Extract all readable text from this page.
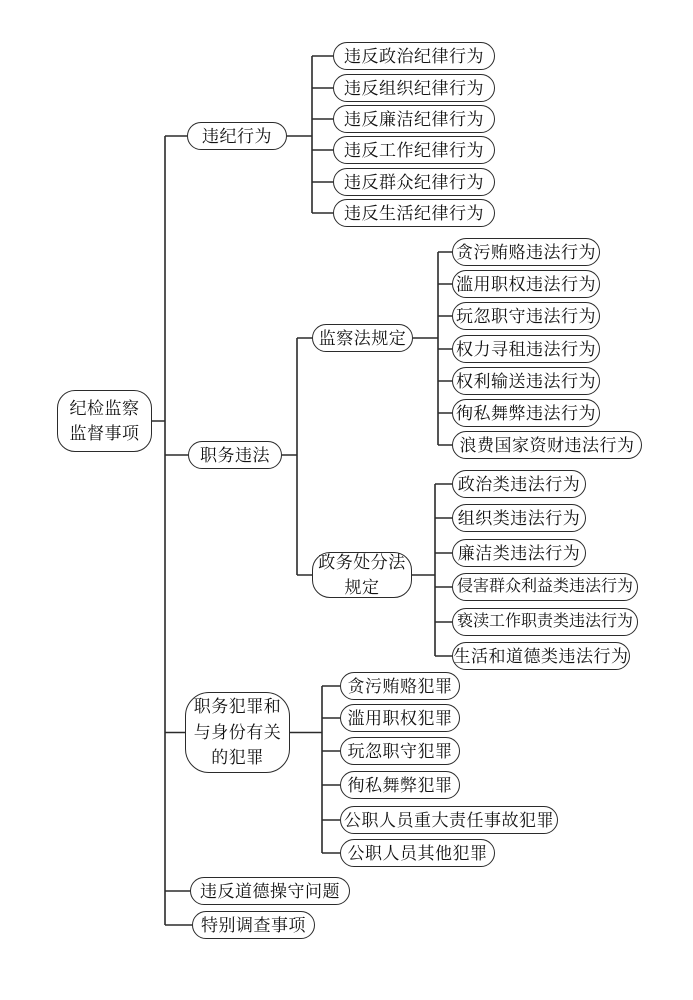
纪检监察
监督事项
违纪行为
违反政治纪律行为
违反组织纪律行为
违反廉洁纪律行为
违反工作纪律行为
违反群众纪律行为
违反生活纪律行为
职务违法
监察法规定
贪污贿赂违法行为
滥用职权违法行为
玩忽职守违法行为
权力寻租违法行为
权利输送违法行为
徇私舞弊违法行为
浪费国家资财违法行为
政务处分法
规定
政治类违法行为
组织类违法行为
廉洁类违法行为
侵害群众利益类违法行为
亵渎工作职责类违法行为
生活和道德类违法行为
职务犯罪和
与身份有关
的犯罪
贪污贿赂犯罪
滥用职权犯罪
玩忽职守犯罪
徇私舞弊犯罪
公职人员重大责任事故犯罪
公职人员其他犯罪
违反道德操守问题
特别调查事项
